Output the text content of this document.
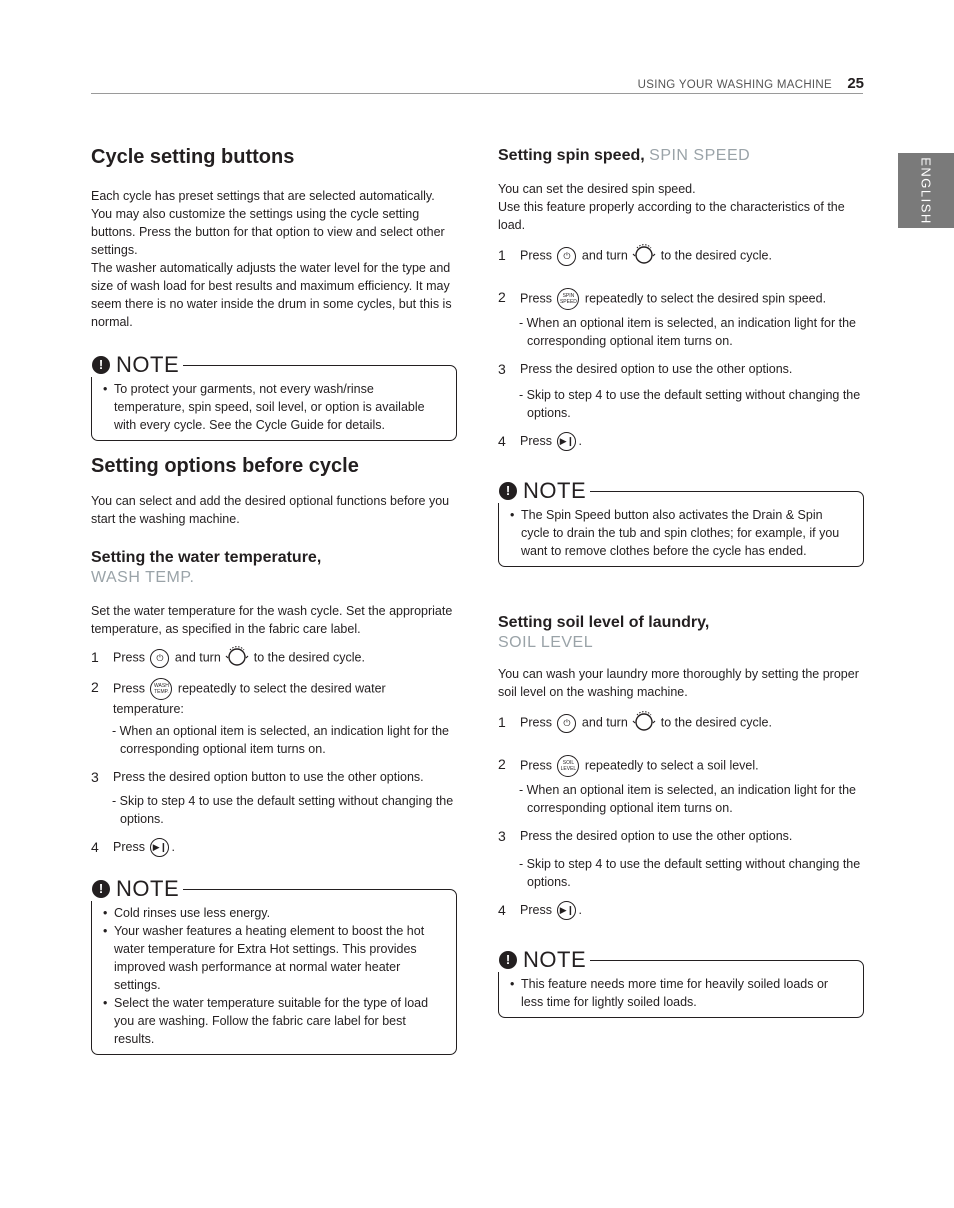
USING YOUR WASHING MACHINE 25
ENGLISH
Cycle setting buttons

Each cycle has preset settings that are selected automatically. You may also customize the settings using the cycle setting buttons. Press the button for that option to view and select other settings.

The washer automatically adjusts the water level for the type and size of wash load for best results and maximum efficiency. It may seem there is no water inside the drum in some cycles, but this is normal.

! NOTE
• To protect your garments, not every wash/rinse temperature, spin speed, soil level, or option is available with every cycle. See the Cycle Guide for details.
Setting options before cycle

You can select and add the desired optional functions before you start the washing machine.

Setting the water temperature,
WASH TEMP.

Set the water temperature for the wash cycle. Set the appropriate temperature, as specified in the fabric care label.

1 Press ⏻ and turn	to the desired cycle.
2 Press WASH
TEMP. repeatedly to select the desired water temperature:
- When an optional item is selected, an indication light for the corresponding optional item turns on.
3 Press the desired option button to use the other options.
- Skip to step 4 to use the default setting without changing the options.
4 Press ▶❙ .
! NOTE
• Cold rinses use less energy.
• Your washer features a heating element to boost the hot water temperature for Extra Hot settings. This provides improved wash performance at normal water heater settings.
• Select the water temperature suitable for the type of load you are washing. Follow the fabric care label for best results.
Setting spin speed, SPIN SPEED

You can set the desired spin speed.
Use this feature properly according to the characteristics of the load.

1 Press ⏻ and turn	to the desired cycle.
2 Press SPIN
SPEED repeatedly to select the desired spin speed.
- When an optional item is selected, an indication light for the corresponding optional item turns on.
3 Press the desired option to use the other options.
- Skip to step 4 to use the default setting without changing the options.
4 Press ▶❙ .
! NOTE
• The Spin Speed button also activates the Drain & Spin cycle to drain the tub and spin clothes; for example, if you want to remove clothes before the cycle has ended.
Setting soil level of laundry,
SOIL LEVEL

You can wash your laundry more thoroughly by setting the proper soil level on the washing machine.

1 Press ⏻ and turn	to the desired cycle.
2 Press SOIL
LEVEL repeatedly to select a soil level.
- When an optional item is selected, an indication light for the corresponding optional item turns on.
3 Press the desired option to use the other options.
- Skip to step 4 to use the default setting without changing the options.
4 Press ▶❙ .
! NOTE
• This feature needs more time for heavily soiled loads or less time for lightly soiled loads.
